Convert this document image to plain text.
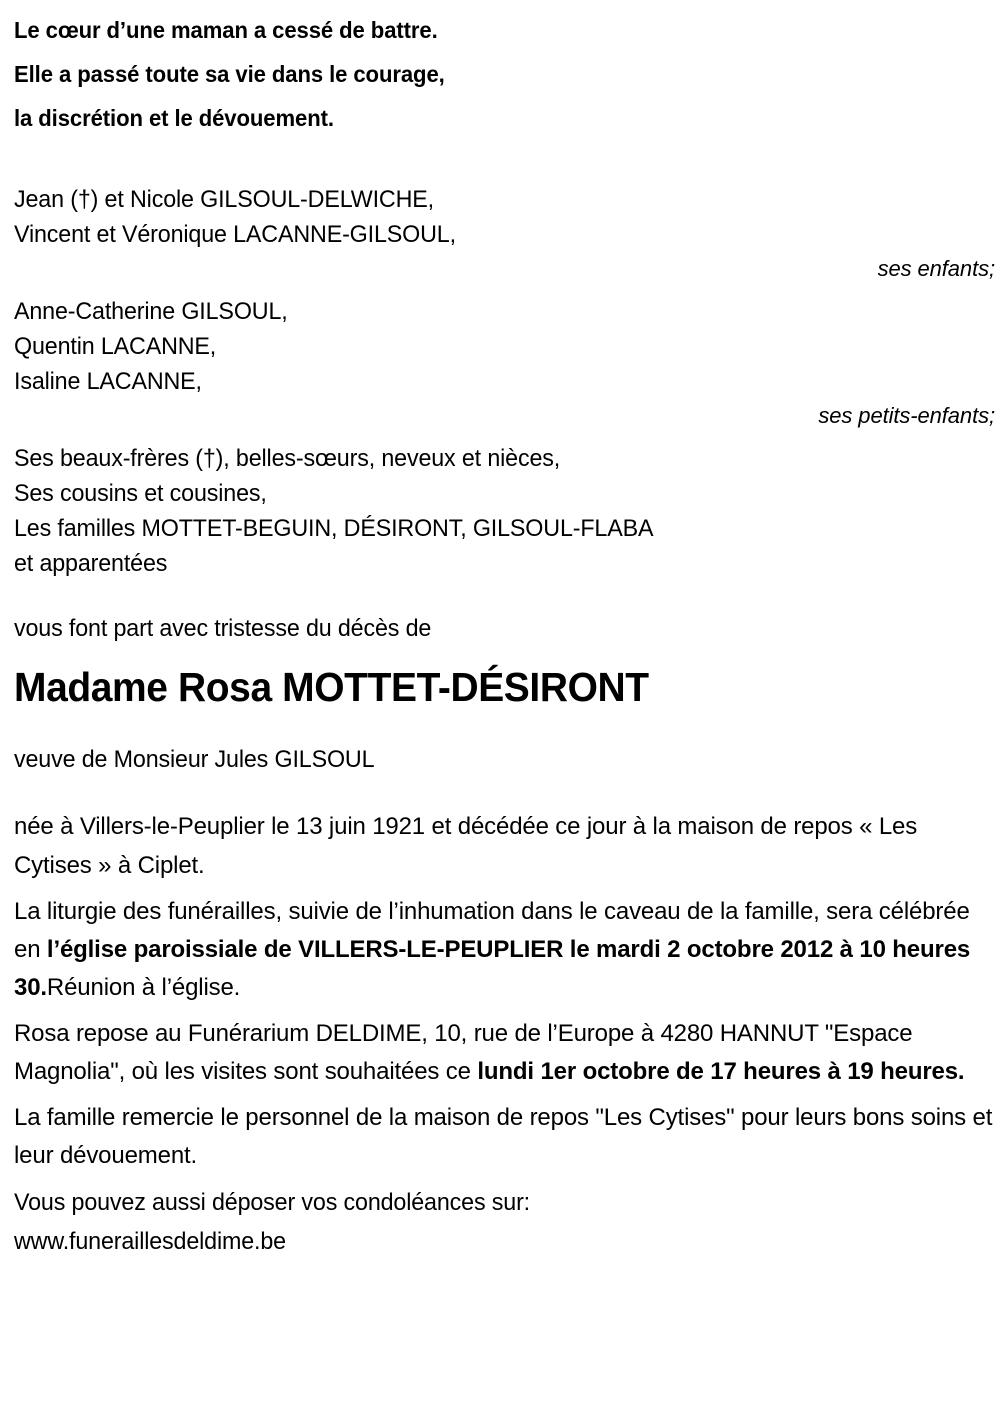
Le cœur d’une maman a cessé de battre.
Elle a passé toute sa vie dans le courage,
la discrétion et le dévouement.
Jean (†) et Nicole GILSOUL-DELWICHE,
Vincent et Véronique LACANNE-GILSOUL,
ses enfants;
Anne-Catherine GILSOUL,
Quentin LACANNE,
Isaline LACANNE,
ses petits-enfants;
Ses beaux-frères (†), belles-sœurs, neveux et nièces,
Ses cousins et cousines,
Les familles MOTTET-BEGUIN, DÉSIRONT, GILSOUL-FLABA
et apparentées
vous font part avec tristesse du décès de
Madame Rosa MOTTET-DÉSIRONT
veuve de Monsieur Jules GILSOUL

née à Villers-le-Peuplier le 13 juin 1921 et décédée ce jour à la maison de repos « Les Cytises » à Ciplet.

La liturgie des funérailles, suivie de l’inhumation dans le caveau de la famille, sera célébrée en l’église paroissiale de VILLERS-LE-PEUPLIER le mardi 2 octobre 2012 à 10 heures 30.Réunion à l’église.

Rosa repose au Funérarium DELDIME, 10, rue de l’Europe à 4280 HANNUT "Espace Magnolia", où les visites sont souhaitées ce lundi 1er octobre de 17 heures à 19 heures.

La famille remercie le personnel de la maison de repos "Les Cytises" pour leurs bons soins et leur dévouement.

Vous pouvez aussi déposer vos condoléances sur:
www.funeraillesdeldime.be
